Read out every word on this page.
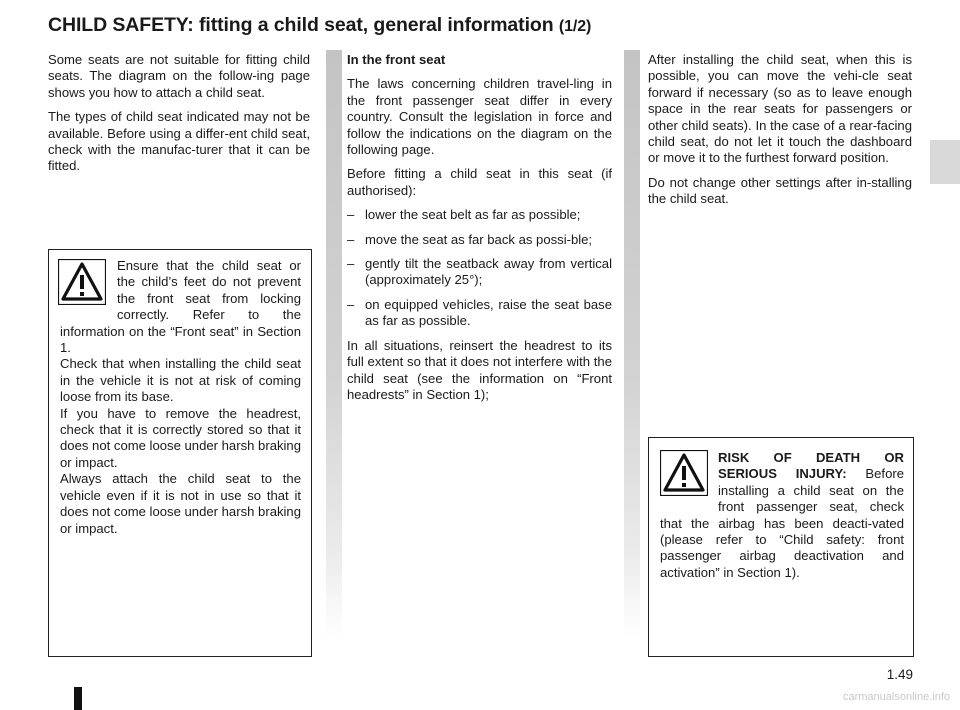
CHILD SAFETY: fitting a child seat, general information (1/2)

Some seats are not suitable for fitting child seats. The diagram on the follow-ing page shows you how to attach a child seat.

The types of child seat indicated may not be available. Before using a differ-ent child seat, check with the manufac-turer that it can be fitted.

Ensure that the child seat or the child’s feet do not prevent the front seat from locking correctly. Refer to the information on the “Front seat” in Section 1.
Check that when installing the child seat in the vehicle it is not at risk of coming loose from its base.
If you have to remove the headrest, check that it is correctly stored so that it does not come loose under harsh braking or impact.
Always attach the child seat to the vehicle even if it is not in use so that it does not come loose under harsh braking or impact.

In the front seat

The laws concerning children travel-ling in the front passenger seat differ in every country. Consult the legislation in force and follow the indications on the diagram on the following page.

Before fitting a child seat in this seat (if authorised):

– lower the seat belt as far as possible;
– move the seat as far back as possi-ble;
– gently tilt the seatback away from vertical (approximately 25°);
– on equipped vehicles, raise the seat base as far as possible.

In all situations, reinsert the headrest to its full extent so that it does not interfere with the child seat (see the information on “Front headrests” in Section 1);

After installing the child seat, when this is possible, you can move the vehi-cle seat forward if necessary (so as to leave enough space in the rear seats for passengers or other child seats). In the case of a rear-facing child seat, do not let it touch the dashboard or move it to the furthest forward position.

Do not change other settings after in-stalling the child seat.

RISK OF DEATH OR SERIOUS INJURY: Before installing a child seat on the front passenger seat, check that the airbag has been deacti-vated (please refer to “Child safety: front passenger airbag deactivation and activation” in Section 1).
1.49
carmanualsonline.info
